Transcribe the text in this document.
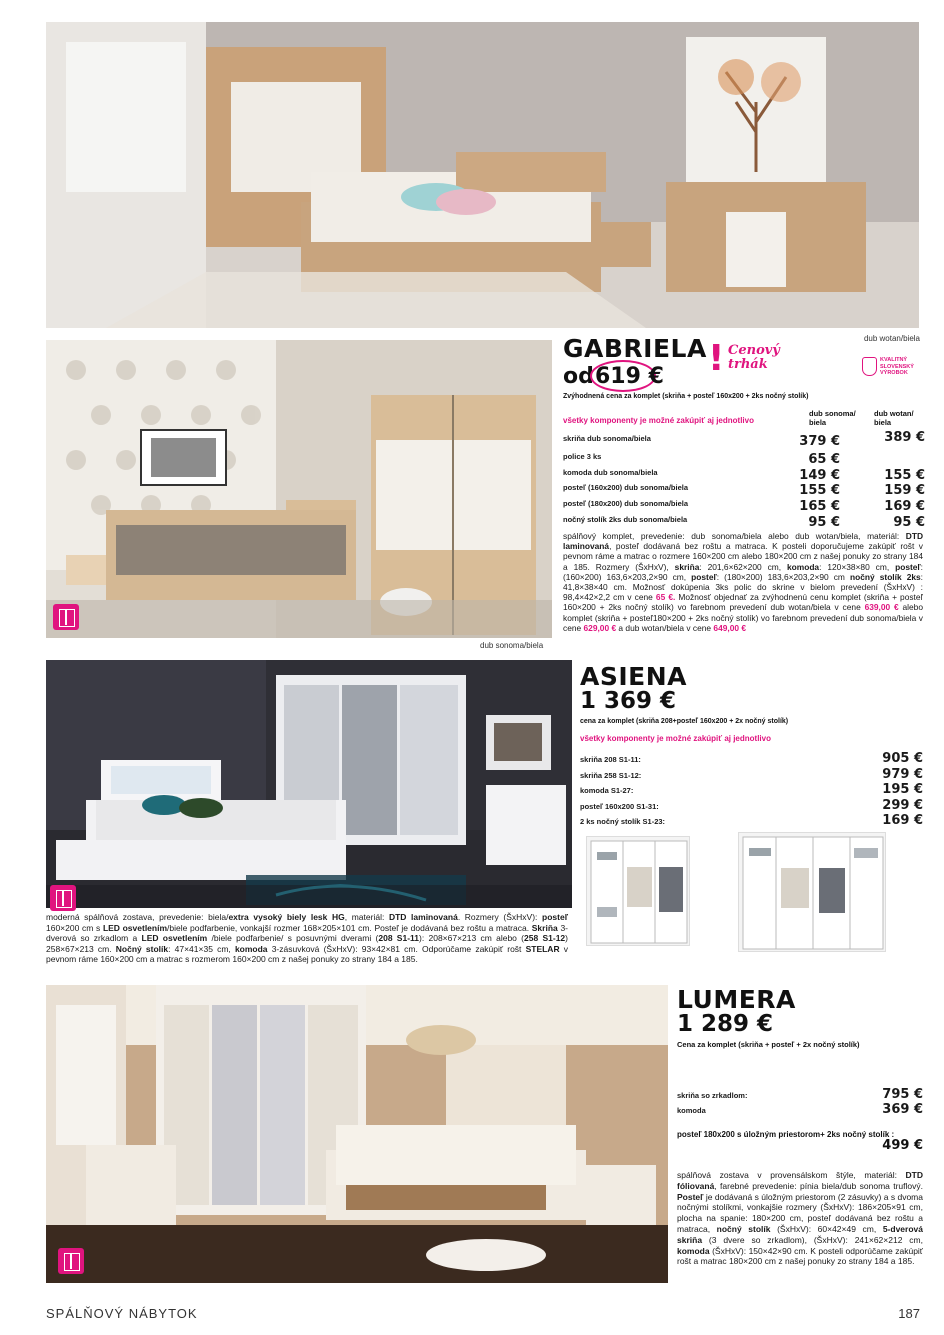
dub wotan/biela
dub sonoma/biela
GABRIELA
od 619 € ! Cenový trhák	KVALITNÝ SLOVENSKÝ VÝROBOK
Zvýhodnená cena za komplet (skriňa + posteľ 160x200 + 2ks nočný stolík)
všetky komponenty je možné zakúpiť aj jednotlivo
dub sonoma/ biela
dub wotan/ biela
skriňa dub sonoma/biela	379 €	389 €
police 3 ks	65 €
komoda dub sonoma/biela	149 €	155 €
posteľ (160x200) dub sonoma/biela	155 €	159 €
posteľ (180x200) dub sonoma/biela	165 €	169 €
nočný stolík 2ks dub sonoma/biela	95 €	95 €
spálňový komplet, prevedenie: dub sonoma/biela alebo dub wotan/biela, materiál: DTD laminovaná, posteľ dodávaná bez roštu a matraca. K posteli doporučujeme zakúpiť rošt v pevnom ráme a matrac o rozmere 160×200 cm alebo 180×200 cm z našej ponuky zo strany 184 a 185. Rozmery (ŠxHxV), skriňa: 201,6×62×200 cm, komoda: 120×38×80 cm, posteľ:(160×200) 163,6×203,2×90 cm, posteľ: (180×200) 183,6×203,2×90 cm nočný stolík 2ks: 41,8×38×40 cm. Možnosť dokúpenia 3ks polic do skrine v bielom prevedení (ŠxHxV) : 98,4×42×2,2 cm v cene 65 €. Možnosť objednať za zvýhodnenú cenu komplet (skriňa + posteľ 160×200 + 2ks nočný stolík) vo farebnom prevedení dub wotan/biela v cene 639,00 € alebo komplet (skriňa + posteľ180×200 + 2ks nočný stolík) vo farebnom prevedení dub sonoma/biela v cene 629,00 € a dub wotan/biela v cene 649,00 €
ASIENA
1 369 €
cena za komplet (skriňa 208+posteľ 160x200 + 2x nočný stolík)
všetky komponenty je možné zakúpiť aj jednotlivo
skriňa 208 S1-11:	905 €
skriňa 258 S1-12:	979 €
komoda S1-27:	195 €
posteľ 160x200 S1-31:	299 €
2 ks nočný stolík S1-23:	169 €
moderná spálňová zostava, prevedenie: biela/extra vysoký biely lesk HG, materiál: DTD laminovaná. Rozmery (ŠxHxV): posteľ 160×200 cm s LED osvetlením/biele podfarbenie, vonkajší rozmer 168×205×101 cm. Posteľ je dodávaná bez roštu a matraca. Skriňa 3-dverová so zrkadlom a LED osvetlením /biele podfarbenie/ s posuvnými dverami (208 S1-11): 208×67×213 cm alebo (258 S1-12) 258×67×213 cm. Nočný stolík: 47×41×35 cm, komoda 3-zásuvková (ŠxHxV): 93×42×81 cm. Odporúčame zakúpiť rošt STELAR v pevnom ráme 160×200 cm a matrac s rozmerom 160×200 cm z našej ponuky zo strany 184 a 185.
LUMERA
1 289 €
Cena za komplet (skriňa + posteľ + 2x nočný stolík)
skriňa so zrkadlom:	795 €
komoda	369 €
posteľ 180x200 s úložným priestorom+ 2ks nočný stolík :
499 €
spálňová zostava v provensálskom štýle, materiál: DTD fóliovaná, farebné prevedenie: pínia biela/dub sonoma truflový. Posteľ je dodávaná s úložným priestorom (2 zásuvky) a s dvoma nočnými stolíkmi, vonkajšie rozmery (ŠxHxV): 186×205×91 cm, plocha na spanie: 180×200 cm, posteľ dodávaná bez roštu a matraca, nočný stolík (ŠxHxV): 60×42×49 cm, 5-dverová skriňa (3 dvere so zrkadlom), (ŠxHxV): 241×62×212 cm, komoda (ŠxHxV): 150×42×90 cm. K posteli odporúčame zakúpiť rošt a matrac 180×200 cm z našej ponuky zo strany 184 a 185.
SPÁLŇOVÝ NÁBYTOK	187
